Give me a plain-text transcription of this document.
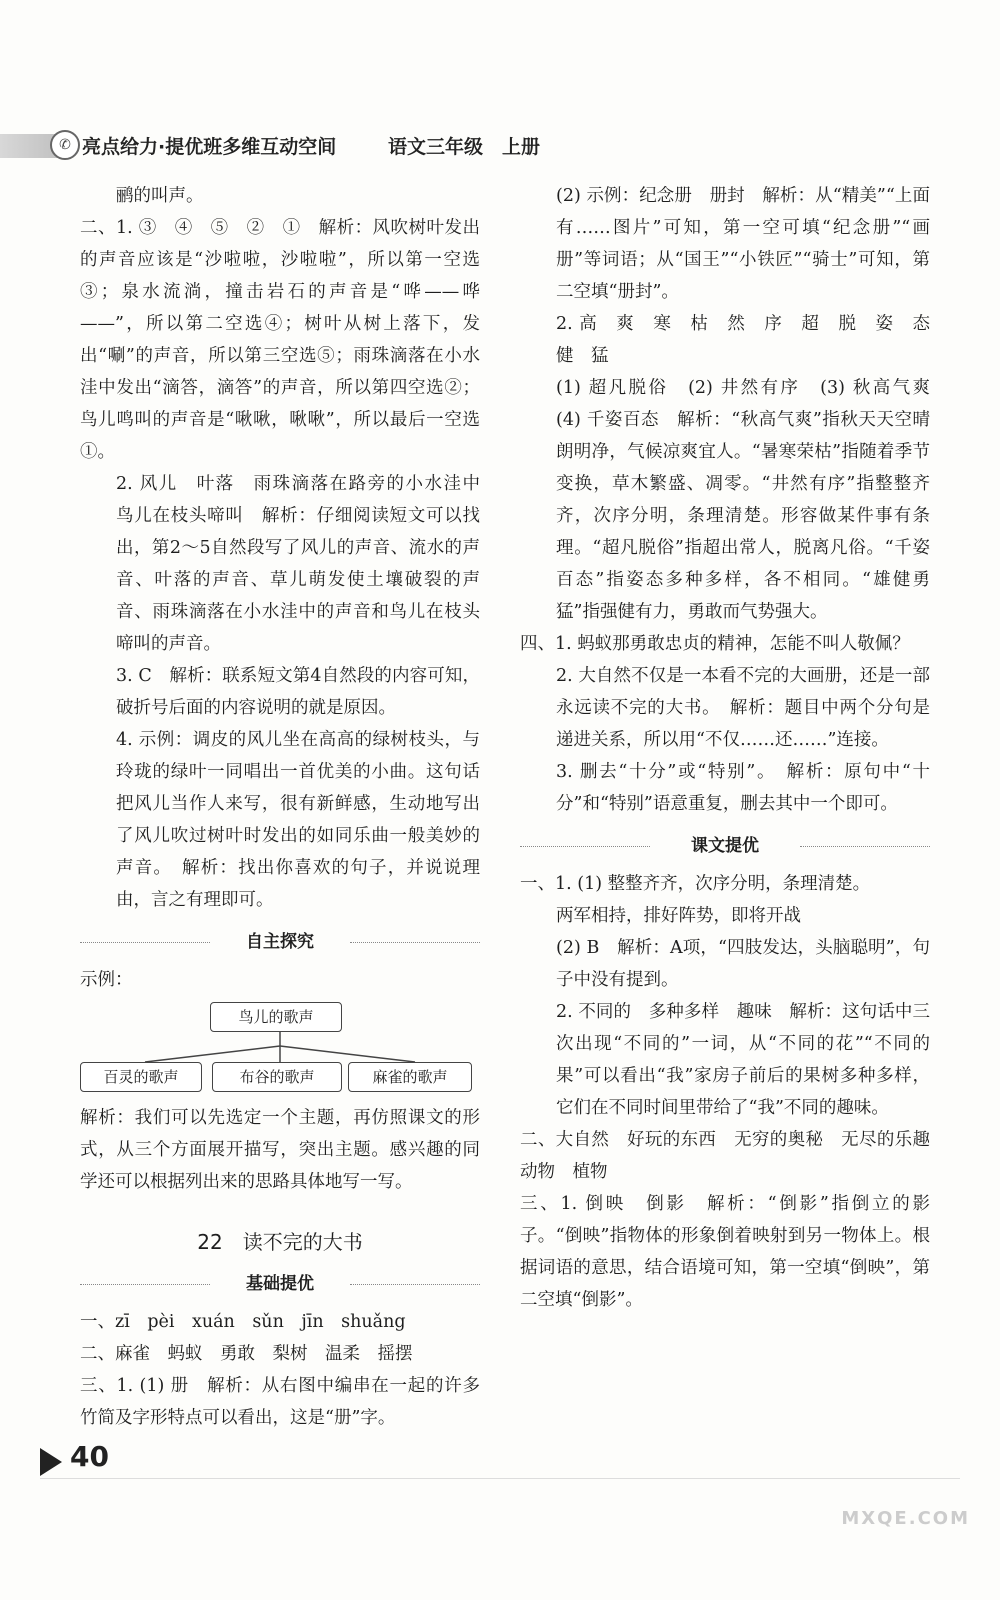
✆ 亮点给力·提优班多维互动空间	语文三年级　上册

鹂的叫声。

二、1. ③　④　⑤　②　①　解析：风吹树叶发出的声音应该是“沙啦啦，沙啦啦”，所以第一空选③；泉水流淌，撞击岩石的声音是“哗——哗——”，所以第二空选④；树叶从树上落下，发出“唰”的声音，所以第三空选⑤；雨珠滴落在小水洼中发出“滴答，滴答”的声音，所以第四空选②；鸟儿鸣叫的声音是“啾啾，啾啾”，所以最后一空选①。

2. 风儿　叶落　雨珠滴落在路旁的小水洼中　鸟儿在枝头啼叫　解析：仔细阅读短文可以找出，第2～5自然段写了风儿的声音、流水的声音、叶落的声音、草儿萌发使土壤破裂的声音、雨珠滴落在小水洼中的声音和鸟儿在枝头啼叫的声音。

3. C　解析：联系短文第4自然段的内容可知，破折号后面的内容说明的就是原因。

4. 示例：调皮的风儿坐在高高的绿树枝头，与玲珑的绿叶一同唱出一首优美的小曲。这句话把风儿当作人来写，很有新鲜感，生动地写出了风儿吹过树叶时发出的如同乐曲一般美妙的声音。　解析：找出你喜欢的句子，并说说理由，言之有理即可。

自主探究

示例：

鸟儿的歌声
百灵的歌声	布谷的歌声	麻雀的歌声

解析：我们可以先选定一个主题，再仿照课文的形式，从三个方面展开描写，突出主题。感兴趣的同学还可以根据列出来的思路具体地写一写。

22　读不完的大书
基础提优

一、zī　pèi　xuán　sǔn　jīn　shuǎng

二、麻雀　蚂蚁　勇敢　梨树　温柔　摇摆

三、1. (1) 册　解析：从右图中编串在一起的许多竹简及字形特点可以看出，这是“册”字。

(2) 示例：纪念册　册封　解析：从“精美”“上面有……图片”可知，第一空可填“纪念册”“画册”等词语；从“国王”“小铁匠”“骑士”可知，第二空填“册封”。

2. 高　爽　寒　枯　然　序　超　脱　姿　态　健　猛

(1) 超凡脱俗　(2) 井然有序　(3) 秋高气爽　(4) 千姿百态　解析：“秋高气爽”指秋天天空晴朗明净，气候凉爽宜人。“暑寒荣枯”指随着季节变换，草木繁盛、凋零。“井然有序”指整整齐齐，次序分明，条理清楚。形容做某件事有条理。“超凡脱俗”指超出常人，脱离凡俗。“千姿百态”指姿态多种多样，各不相同。“雄健勇猛”指强健有力，勇敢而气势强大。

四、1. 蚂蚁那勇敢忠贞的精神，怎能不叫人敬佩？

2. 大自然不仅是一本看不完的大画册，还是一部永远读不完的大书。　解析：题目中两个分句是递进关系，所以用“不仅……还……”连接。

3. 删去“十分”或“特别”。　解析：原句中“十分”和“特别”语意重复，删去其中一个即可。

课文提优

一、1. (1) 整整齐齐，次序分明，条理清楚。

两军相持，排好阵势，即将开战

(2) B　解析：A项，“四肢发达，头脑聪明”，句子中没有提到。

2. 不同的　多种多样　趣味　解析：这句话中三次出现“不同的”一词，从“不同的花”“不同的果”可以看出“我”家房子前后的果树多种多样，它们在不同时间里带给了“我”不同的趣味。

二、大自然　好玩的东西　无穷的奥秘　无尽的乐趣　动物　植物

三、1. 倒映　倒影　解析：“倒影”指倒立的影子。“倒映”指物体的形象倒着映射到另一物体上。根据词语的意思，结合语境可知，第一空填“倒映”，第二空填“倒影”。

40
MXQE.COM
